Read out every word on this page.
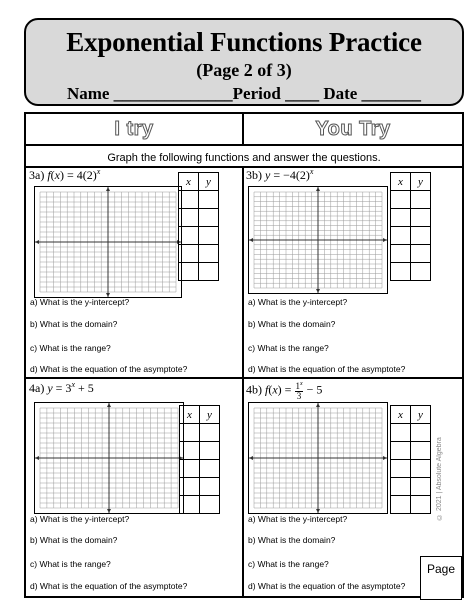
Exponential Functions Practice
(Page 2 of 3)
Name ______________Period ____ Date _______
I try	You Try
Graph the following functions and answer the questions.
3a) $f(x) = 4(2)^x$
x	y

a) What is the y-intercept?
b) What is the domain?
c) What is the range?
d) What is the equation of the asymptote?
3b) $y = -4(2)^x$
x	y

a) What is the y-intercept?
b) What is the domain?
c) What is the range?
d) What is the equation of the asymptote?
4a) $y = 3^x + 5$
x	y

a) What is the y-intercept?
b) What is the domain?
c) What is the range?
d) What is the equation of the asymptote?
4b) $f(x) = \frac{1^x}{3} - 5$
x	y

a) What is the y-intercept?
b) What is the domain?
c) What is the range?
d) What is the equation of the asymptote?
© 2021 | Absolute Algebra
Page
